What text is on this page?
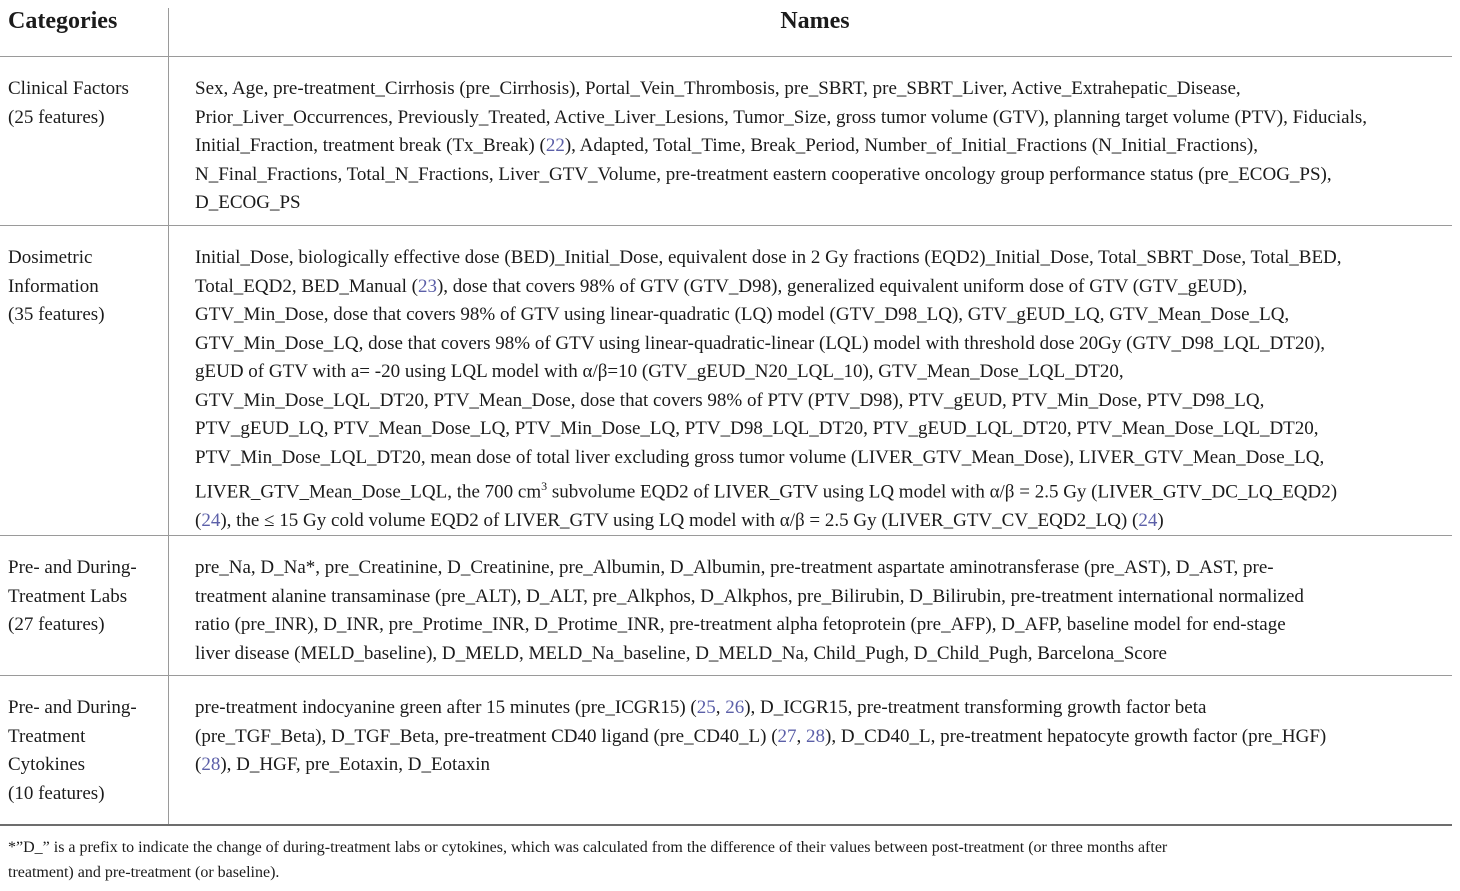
Categories	Names
Clinical Factors
(25 features)

Sex, Age, pre-treatment_Cirrhosis (pre_Cirrhosis), Portal_Vein_Thrombosis, pre_SBRT, pre_SBRT_Liver, Active_Extrahepatic_Disease,

Prior_Liver_Occurrences, Previously_Treated, Active_Liver_Lesions, Tumor_Size, gross tumor volume (GTV), planning target volume (PTV), Fiducials,

Initial_Fraction, treatment break (Tx_Break) (22), Adapted, Total_Time, Break_Period, Number_of_Initial_Fractions (N_Initial_Fractions),

N_Final_Fractions, Total_N_Fractions, Liver_GTV_Volume, pre-treatment eastern cooperative oncology group performance status (pre_ECOG_PS),

D_ECOG_PS

Dosimetric
Information
(35 features)

Initial_Dose, biologically effective dose (BED)_Initial_Dose, equivalent dose in 2 Gy fractions (EQD2)_Initial_Dose, Total_SBRT_Dose, Total_BED,

Total_EQD2, BED_Manual (23), dose that covers 98% of GTV (GTV_D98), generalized equivalent uniform dose of GTV (GTV_gEUD),

GTV_Min_Dose, dose that covers 98% of GTV using linear-quadratic (LQ) model (GTV_D98_LQ), GTV_gEUD_LQ, GTV_Mean_Dose_LQ,

GTV_Min_Dose_LQ, dose that covers 98% of GTV using linear-quadratic-linear (LQL) model with threshold dose 20Gy (GTV_D98_LQL_DT20),

gEUD of GTV with a= -20 using LQL model with α/β=10 (GTV_gEUD_N20_LQL_10), GTV_Mean_Dose_LQL_DT20,

GTV_Min_Dose_LQL_DT20, PTV_Mean_Dose, dose that covers 98% of PTV (PTV_D98), PTV_gEUD, PTV_Min_Dose, PTV_D98_LQ,

PTV_gEUD_LQ, PTV_Mean_Dose_LQ, PTV_Min_Dose_LQ, PTV_D98_LQL_DT20, PTV_gEUD_LQL_DT20, PTV_Mean_Dose_LQL_DT20,

PTV_Min_Dose_LQL_DT20, mean dose of total liver excluding gross tumor volume (LIVER_GTV_Mean_Dose), LIVER_GTV_Mean_Dose_LQ,

LIVER_GTV_Mean_Dose_LQL, the 700 $cm^3$ subvolume EQD2 of LIVER_GTV using LQ model with α/β = 2.5 Gy (LIVER_GTV_DC_LQ_EQD2)

(24), the ≤ 15 Gy cold volume EQD2 of LIVER_GTV using LQ model with α/β = 2.5 Gy (LIVER_GTV_CV_EQD2_LQ) (24)

Pre- and During-
Treatment Labs
(27 features)

pre_Na, D_Na*, pre_Creatinine, D_Creatinine, pre_Albumin, D_Albumin, pre-treatment aspartate aminotransferase (pre_AST), D_AST, pre-

treatment alanine transaminase (pre_ALT), D_ALT, pre_Alkphos, D_Alkphos, pre_Bilirubin, D_Bilirubin, pre-treatment international normalized

ratio (pre_INR), D_INR, pre_Protime_INR, D_Protime_INR, pre-treatment alpha fetoprotein (pre_AFP), D_AFP, baseline model for end-stage

liver disease (MELD_baseline), D_MELD, MELD_Na_baseline, D_MELD_Na, Child_Pugh, D_Child_Pugh, Barcelona_Score

Pre- and During-
Treatment
Cytokines
(10 features)

pre-treatment indocyanine green after 15 minutes (pre_ICGR15) (25, 26), D_ICGR15, pre-treatment transforming growth factor beta

(pre_TGF_Beta), D_TGF_Beta, pre-treatment CD40 ligand (pre_CD40_L) (27, 28), D_CD40_L, pre-treatment hepatocyte growth factor (pre_HGF)

(28), D_HGF, pre_Eotaxin, D_Eotaxin

*”D_” is a prefix to indicate the change of during-treatment labs or cytokines, which was calculated from the difference of their values between post-treatment (or three months after

treatment) and pre-treatment (or baseline).
